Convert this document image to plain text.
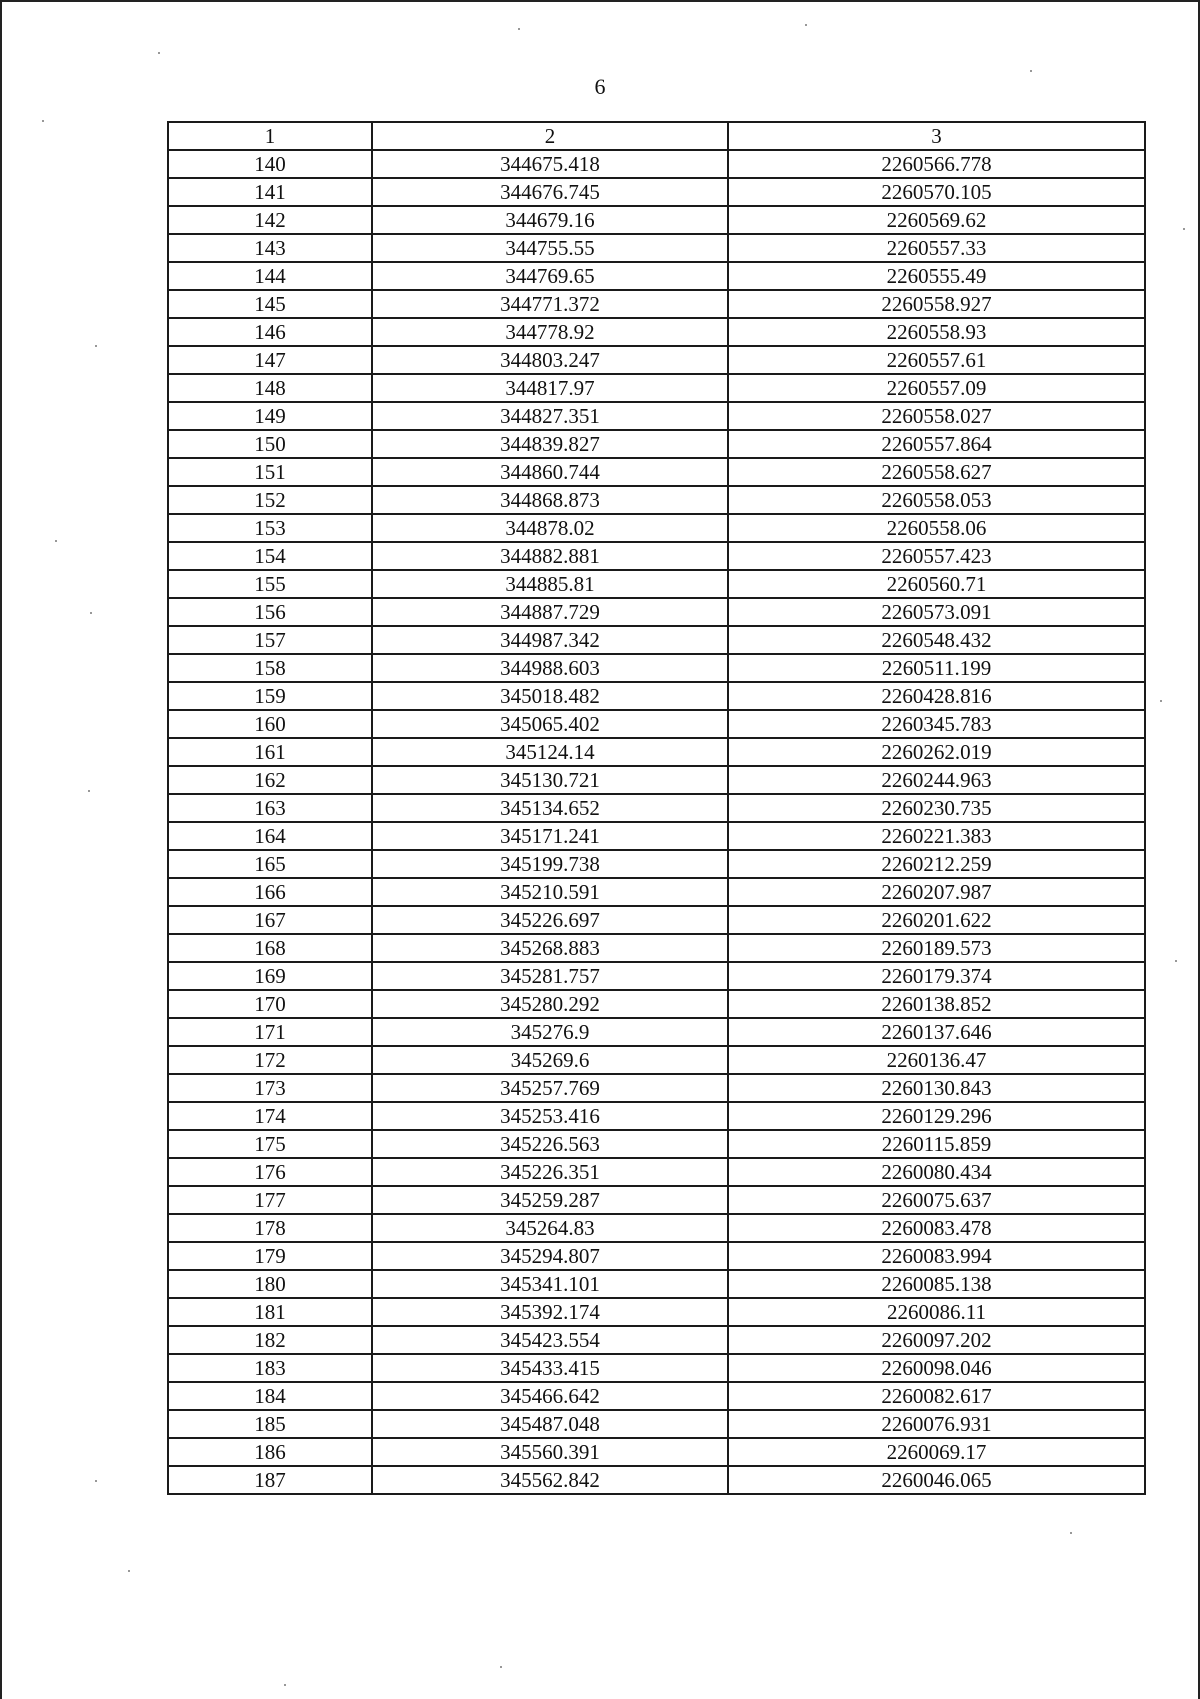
6
1	2	3
140	344675.418	2260566.778
141	344676.745	2260570.105
142	344679.16	2260569.62
143	344755.55	2260557.33
144	344769.65	2260555.49
145	344771.372	2260558.927
146	344778.92	2260558.93
147	344803.247	2260557.61
148	344817.97	2260557.09
149	344827.351	2260558.027
150	344839.827	2260557.864
151	344860.744	2260558.627
152	344868.873	2260558.053
153	344878.02	2260558.06
154	344882.881	2260557.423
155	344885.81	2260560.71
156	344887.729	2260573.091
157	344987.342	2260548.432
158	344988.603	2260511.199
159	345018.482	2260428.816
160	345065.402	2260345.783
161	345124.14	2260262.019
162	345130.721	2260244.963
163	345134.652	2260230.735
164	345171.241	2260221.383
165	345199.738	2260212.259
166	345210.591	2260207.987
167	345226.697	2260201.622
168	345268.883	2260189.573
169	345281.757	2260179.374
170	345280.292	2260138.852
171	345276.9	2260137.646
172	345269.6	2260136.47
173	345257.769	2260130.843
174	345253.416	2260129.296
175	345226.563	2260115.859
176	345226.351	2260080.434
177	345259.287	2260075.637
178	345264.83	2260083.478
179	345294.807	2260083.994
180	345341.101	2260085.138
181	345392.174	2260086.11
182	345423.554	2260097.202
183	345433.415	2260098.046
184	345466.642	2260082.617
185	345487.048	2260076.931
186	345560.391	2260069.17
187	345562.842	2260046.065
